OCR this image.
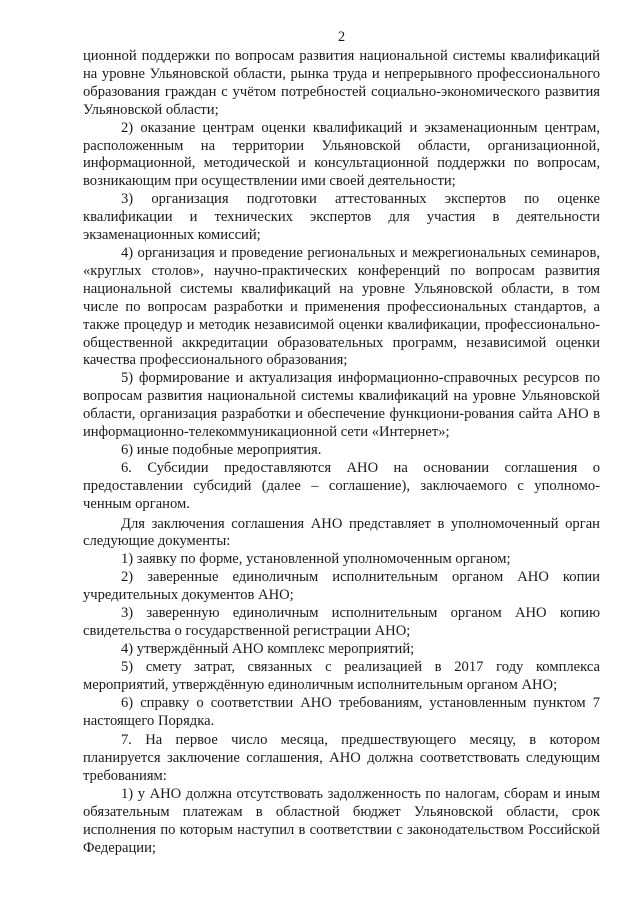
2

ционной поддержки по вопросам развития национальной системы квалификаций на уровне Ульяновской области, рынка труда и непрерывного профессионального образования граждан с учётом потребностей социально-экономического развития Ульяновской области;

2) оказание центрам оценки квалификаций и экзаменационным центрам, расположенным на территории Ульяновской области, организационной, информационной, методической и консультационной поддержки по вопросам, возникающим при осуществлении ими своей деятельности;

3) организация подготовки аттестованных экспертов по оценке квалификации и технических экспертов для участия в деятельности экзаменационных комиссий;

4) организация и проведение региональных и межрегиональных семинаров, «круглых столов», научно-практических конференций по вопросам развития национальной системы квалификаций на уровне Ульяновской области, в том числе по вопросам разработки и применения профессиональных стандартов, а также процедур и методик независимой оценки квалификации, профессионально-общественной аккредитации образовательных программ, независимой оценки качества профессионального образования;

5) формирование и актуализация информационно-справочных ресурсов по вопросам развития национальной системы квалификаций на уровне Ульяновской области, организация разработки и обеспечение функциони-рования сайта АНО в информационно-телекоммуникационной сети «Интернет»;

6) иные подобные мероприятия.

6. Субсидии предоставляются АНО на основании соглашения о предоставлении субсидий (далее – соглашение), заключаемого с уполномо-ченным органом.

Для заключения соглашения АНО представляет в уполномоченный орган следующие документы:

1) заявку по форме, установленной уполномоченным органом;

2) заверенные единоличным исполнительным органом АНО копии учредительных документов АНО;

3) заверенную единоличным исполнительным органом АНО копию свидетельства о государственной регистрации АНО;

4) утверждённый АНО комплекс мероприятий;

5) смету затрат, связанных с реализацией в 2017 году комплекса мероприятий, утверждённую единоличным исполнительным органом АНО;

6) справку о соответствии АНО требованиям, установленным пунктом 7 настоящего Порядка.

7. На первое число месяца, предшествующего месяцу, в котором планируется заключение соглашения, АНО должна соответствовать следующим требованиям:

1) у АНО должна отсутствовать задолженность по налогам, сборам и иным обязательным платежам в областной бюджет Ульяновской области, срок исполнения по которым наступил в соответствии с законодательством Российской Федерации;
